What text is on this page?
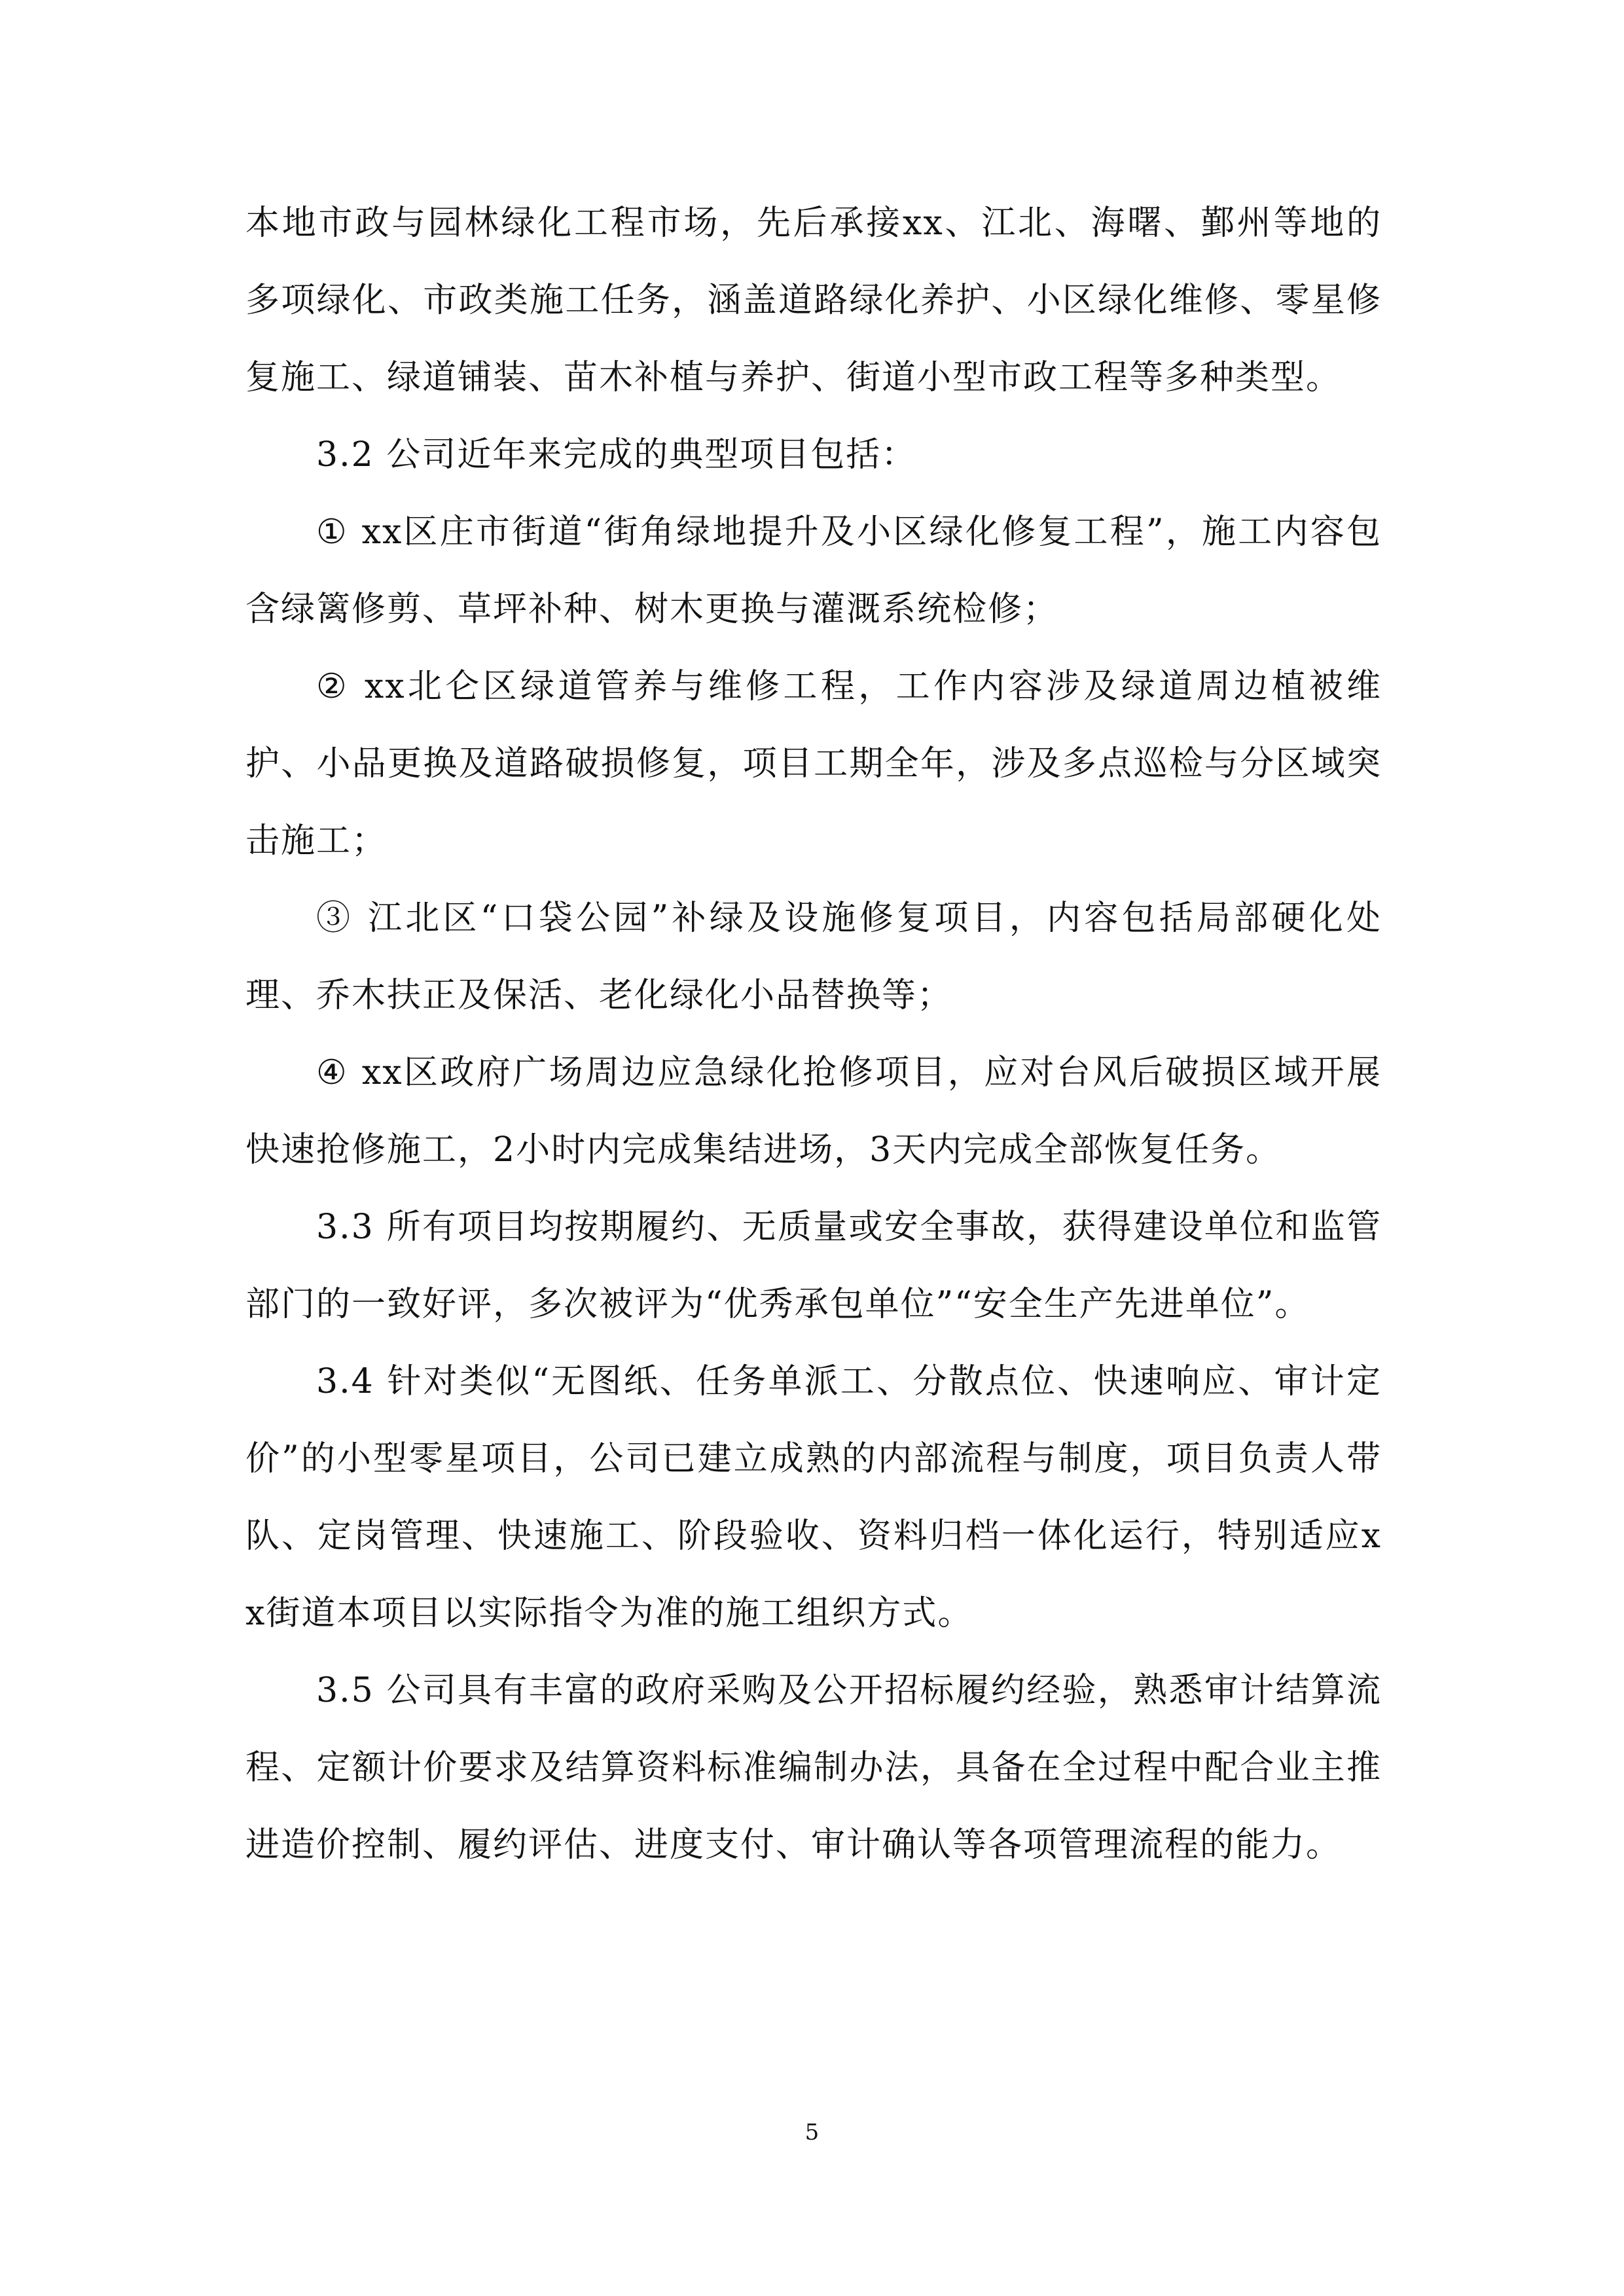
本地市政与园林绿化工程市场，先后承接xx、江北、海曙、鄞州等地的多项绿化、市政类施工任务，涵盖道路绿化养护、小区绿化维修、零星修复施工、绿道铺装、苗木补植与养护、街道小型市政工程等多种类型。

3.2 公司近年来完成的典型项目包括：

① xx区庄市街道“街角绿地提升及小区绿化修复工程”，施工内容包含绿篱修剪、草坪补种、树木更换与灌溉系统检修；

② xx北仑区绿道管养与维修工程，工作内容涉及绿道周边植被维护、小品更换及道路破损修复，项目工期全年，涉及多点巡检与分区域突击施工；

③ 江北区“口袋公园”补绿及设施修复项目，内容包括局部硬化处理、乔木扶正及保活、老化绿化小品替换等；

④ xx区政府广场周边应急绿化抢修项目，应对台风后破损区域开展快速抢修施工，2小时内完成集结进场，3天内完成全部恢复任务。

3.3 所有项目均按期履约、无质量或安全事故，获得建设单位和监管部门的一致好评，多次被评为“优秀承包单位”“安全生产先进单位”。

3.4 针对类似“无图纸、任务单派工、分散点位、快速响应、审计定价”的小型零星项目，公司已建立成熟的内部流程与制度，项目负责人带队、定岗管理、快速施工、阶段验收、资料归档一体化运行，特别适应xx街道本项目以实际指令为准的施工组织方式。

3.5 公司具有丰富的政府采购及公开招标履约经验，熟悉审计结算流程、定额计价要求及结算资料标准编制办法，具备在全过程中配合业主推进造价控制、履约评估、进度支付、审计确认等各项管理流程的能力。

5
